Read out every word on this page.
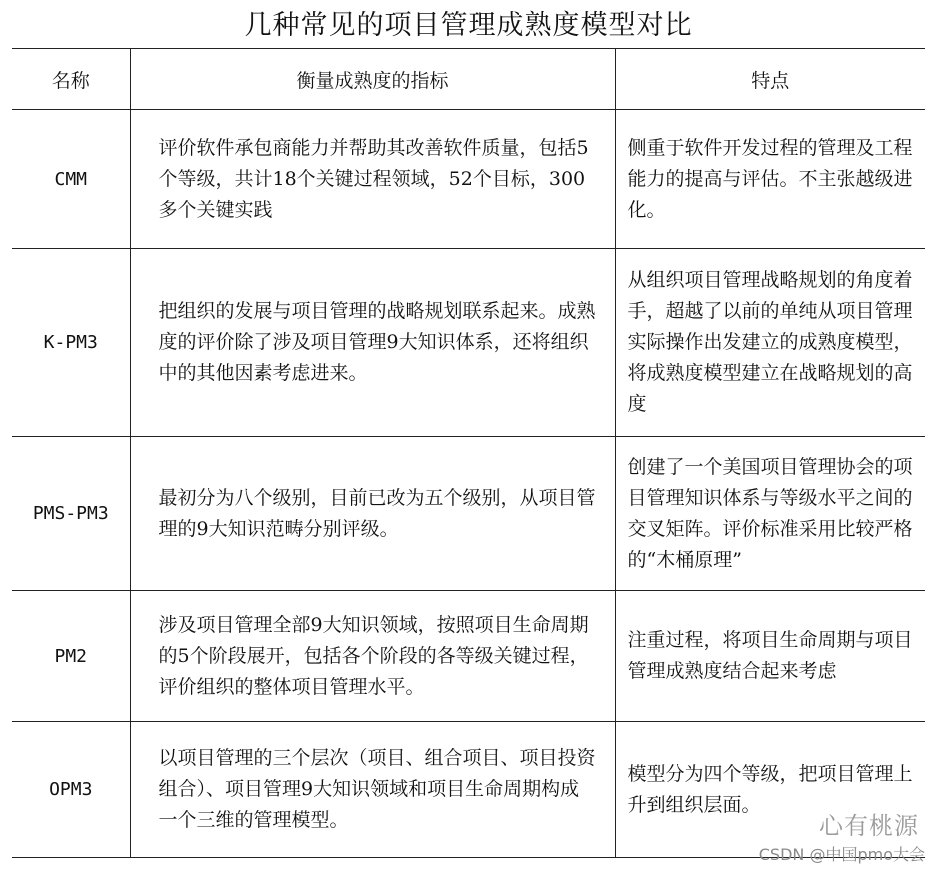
几种常见的项目管理成熟度模型对比
名称	衡量成熟度的指标	特点
CMM	评价软件承包商能力并帮助其改善软件质量，包括5个等级，共计18个关键过程领域，52个目标，300多个关键实践	侧重于软件开发过程的管理及工程能力的提高与评估。不主张越级进化。
K-PM3	把组织的发展与项目管理的战略规划联系起来。成熟度的评价除了涉及项目管理9大知识体系，还将组织中的其他因素考虑进来。	从组织项目管理战略规划的角度着手，超越了以前的单纯从项目管理实际操作出发建立的成熟度模型，将成熟度模型建立在战略规划的高度
PMS-PM3	最初分为八个级别，目前已改为五个级别，从项目管理的9大知识范畴分别评级。	创建了一个美国项目管理协会的项目管理知识体系与等级水平之间的交叉矩阵。评价标准采用比较严格的“木桶原理”
PM2	涉及项目管理全部9大知识领域，按照项目生命周期的5个阶段展开，包括各个阶段的各等级关键过程，评价组织的整体项目管理水平。	注重过程，将项目生命周期与项目管理成熟度结合起来考虑
OPM3	以项目管理的三个层次（项目、组合项目、项目投资组合）、项目管理9大知识领域和项目生命周期构成一个三维的管理模型。	模型分为四个等级，把项目管理上升到组织层面。
心有桃源
CSDN @中国pmo大会
